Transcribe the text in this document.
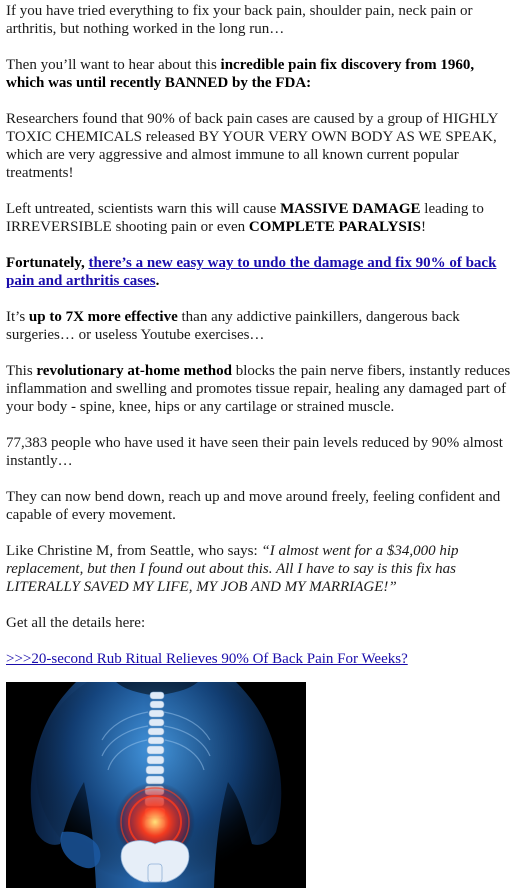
If you have tried everything to fix your back pain, shoulder pain, neck pain or arthritis, but nothing worked in the long run…

Then you’ll want to hear about this incredible pain fix discovery from 1960, which was until recently BANNED by the FDA:

Researchers found that 90% of back pain cases are caused by a group of HIGHLY TOXIC CHEMICALS released BY YOUR VERY OWN BODY AS WE SPEAK, which are very aggressive and almost immune to all known current popular treatments!

Left untreated, scientists warn this will cause MASSIVE DAMAGE leading to IRREVERSIBLE shooting pain or even COMPLETE PARALYSIS!

Fortunately, there’s a new easy way to undo the damage and fix 90% of back pain and arthritis cases.

It’s up to 7X more effective than any addictive painkillers, dangerous back surgeries… or useless Youtube exercises…

This revolutionary at-home method blocks the pain nerve fibers, instantly reduces inflammation and swelling and promotes tissue repair, healing any damaged part of your body - spine, knee, hips or any cartilage or strained muscle.

77,383 people who have used it have seen their pain levels reduced by 90% almost instantly…

They can now bend down, reach up and move around freely, feeling confident and capable of every movement.

Like Christine M, from Seattle, who says: “I almost went for a $34,000 hip replacement, but then I found out about this. All I have to say is this fix has LITERALLY SAVED MY LIFE, MY JOB AND MY MARRIAGE!”

Get all the details here:

>>>20-second Rub Ritual Relieves 90% Of Back Pain For Weeks?
